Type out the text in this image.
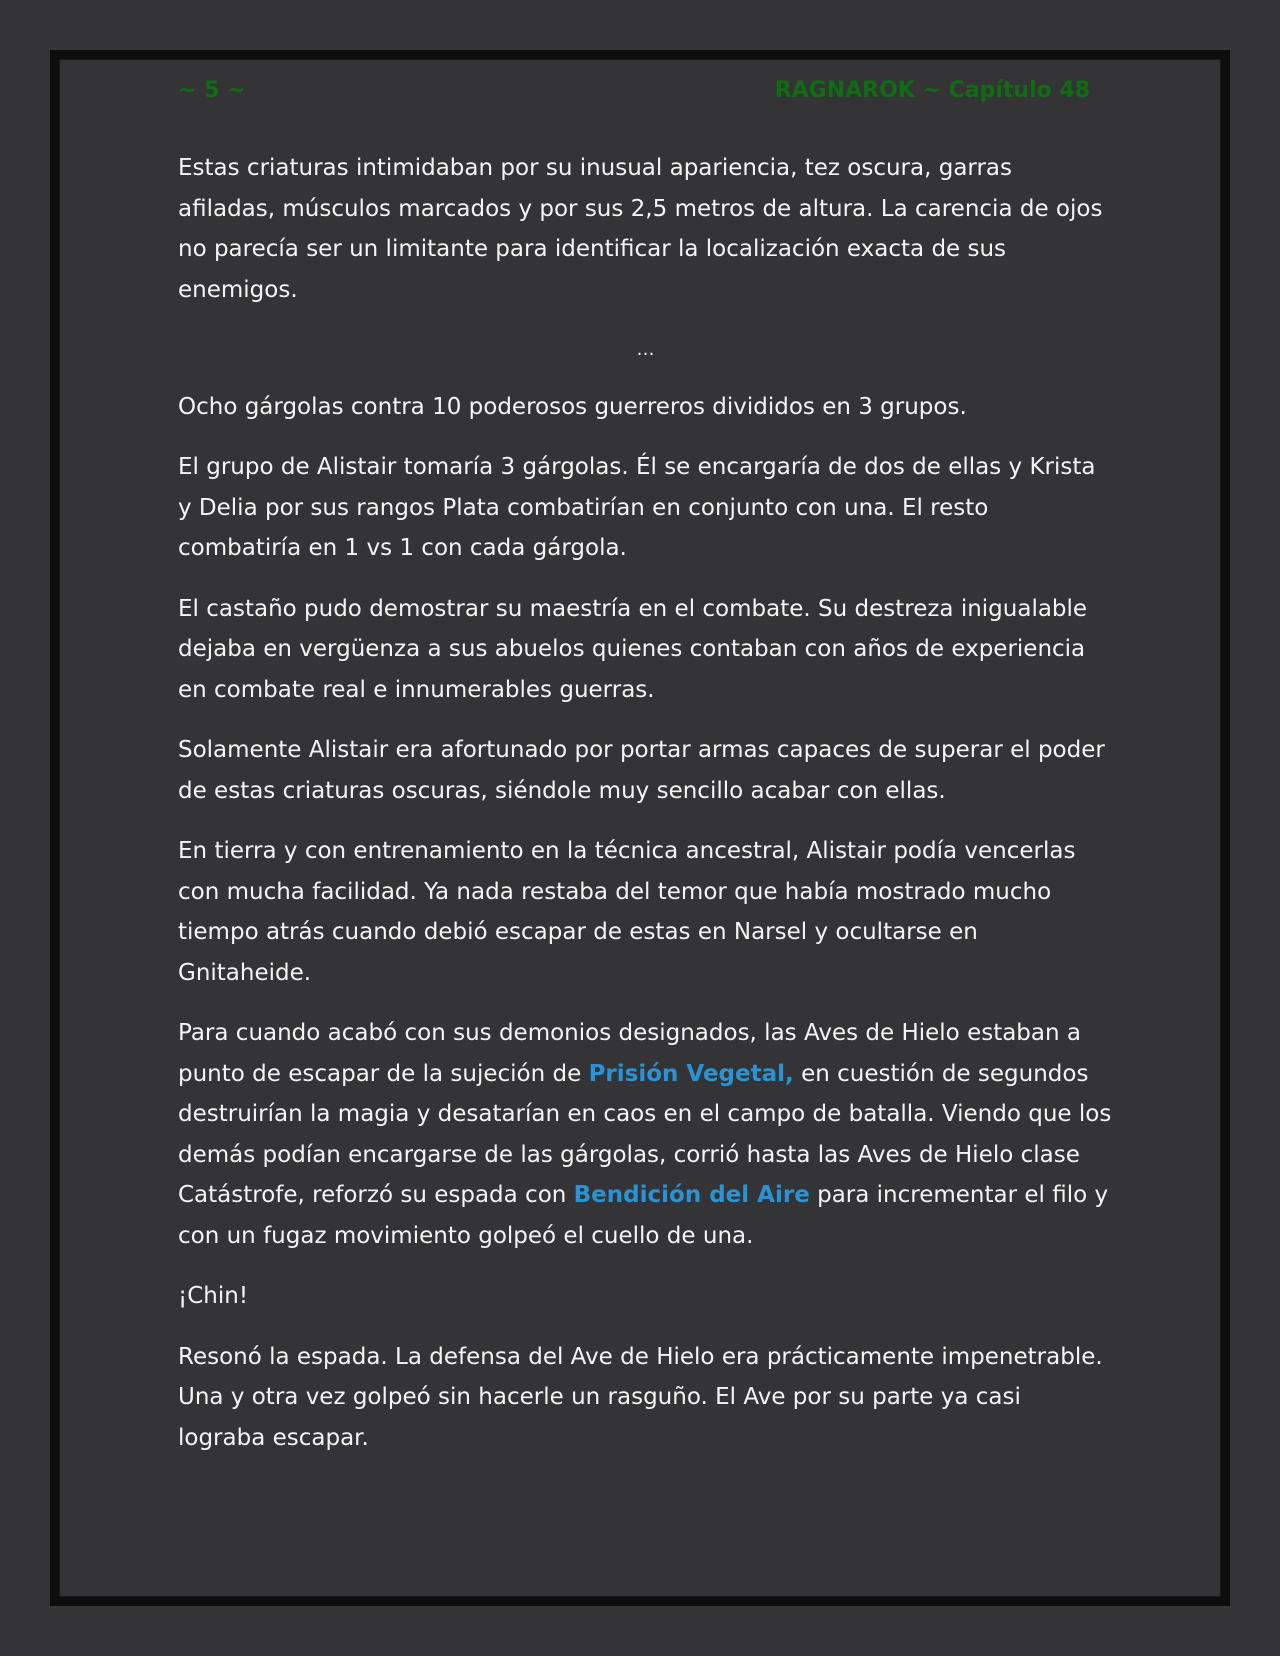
~ 5 ~	RAGNAROK ~ Capítulo 48

Estas criaturas intimidaban por su inusual apariencia, tez oscura, garras afiladas, músculos marcados y por sus 2,5 metros de altura. La carencia de ojos no parecía ser un limitante para identificar la localización exacta de sus enemigos.

…

Ocho gárgolas contra 10 poderosos guerreros divididos en 3 grupos.

El grupo de Alistair tomaría 3 gárgolas. Él se encargaría de dos de ellas y Krista y Delia por sus rangos Plata combatirían en conjunto con una. El resto combatiría en 1 vs 1 con cada gárgola.

El castaño pudo demostrar su maestría en el combate. Su destreza inigualable dejaba en vergüenza a sus abuelos quienes contaban con años de experiencia en combate real e innumerables guerras.

Solamente Alistair era afortunado por portar armas capaces de superar el poder de estas criaturas oscuras, siéndole muy sencillo acabar con ellas.

En tierra y con entrenamiento en la técnica ancestral, Alistair podía vencerlas con mucha facilidad. Ya nada restaba del temor que había mostrado mucho tiempo atrás cuando debió escapar de estas en Narsel y ocultarse en Gnitaheide.

Para cuando acabó con sus demonios designados, las Aves de Hielo estaban a punto de escapar de la sujeción de Prisión Vegetal, en cuestión de segundos destruirían la magia y desatarían en caos en el campo de batalla. Viendo que los demás podían encargarse de las gárgolas, corrió hasta las Aves de Hielo clase Catástrofe, reforzó su espada con Bendición del Aire para incrementar el filo y con un fugaz movimiento golpeó el cuello de una.

¡Chin!

Resonó la espada. La defensa del Ave de Hielo era prácticamente impenetrable. Una y otra vez golpeó sin hacerle un rasguño. El Ave por su parte ya casi lograba escapar.
